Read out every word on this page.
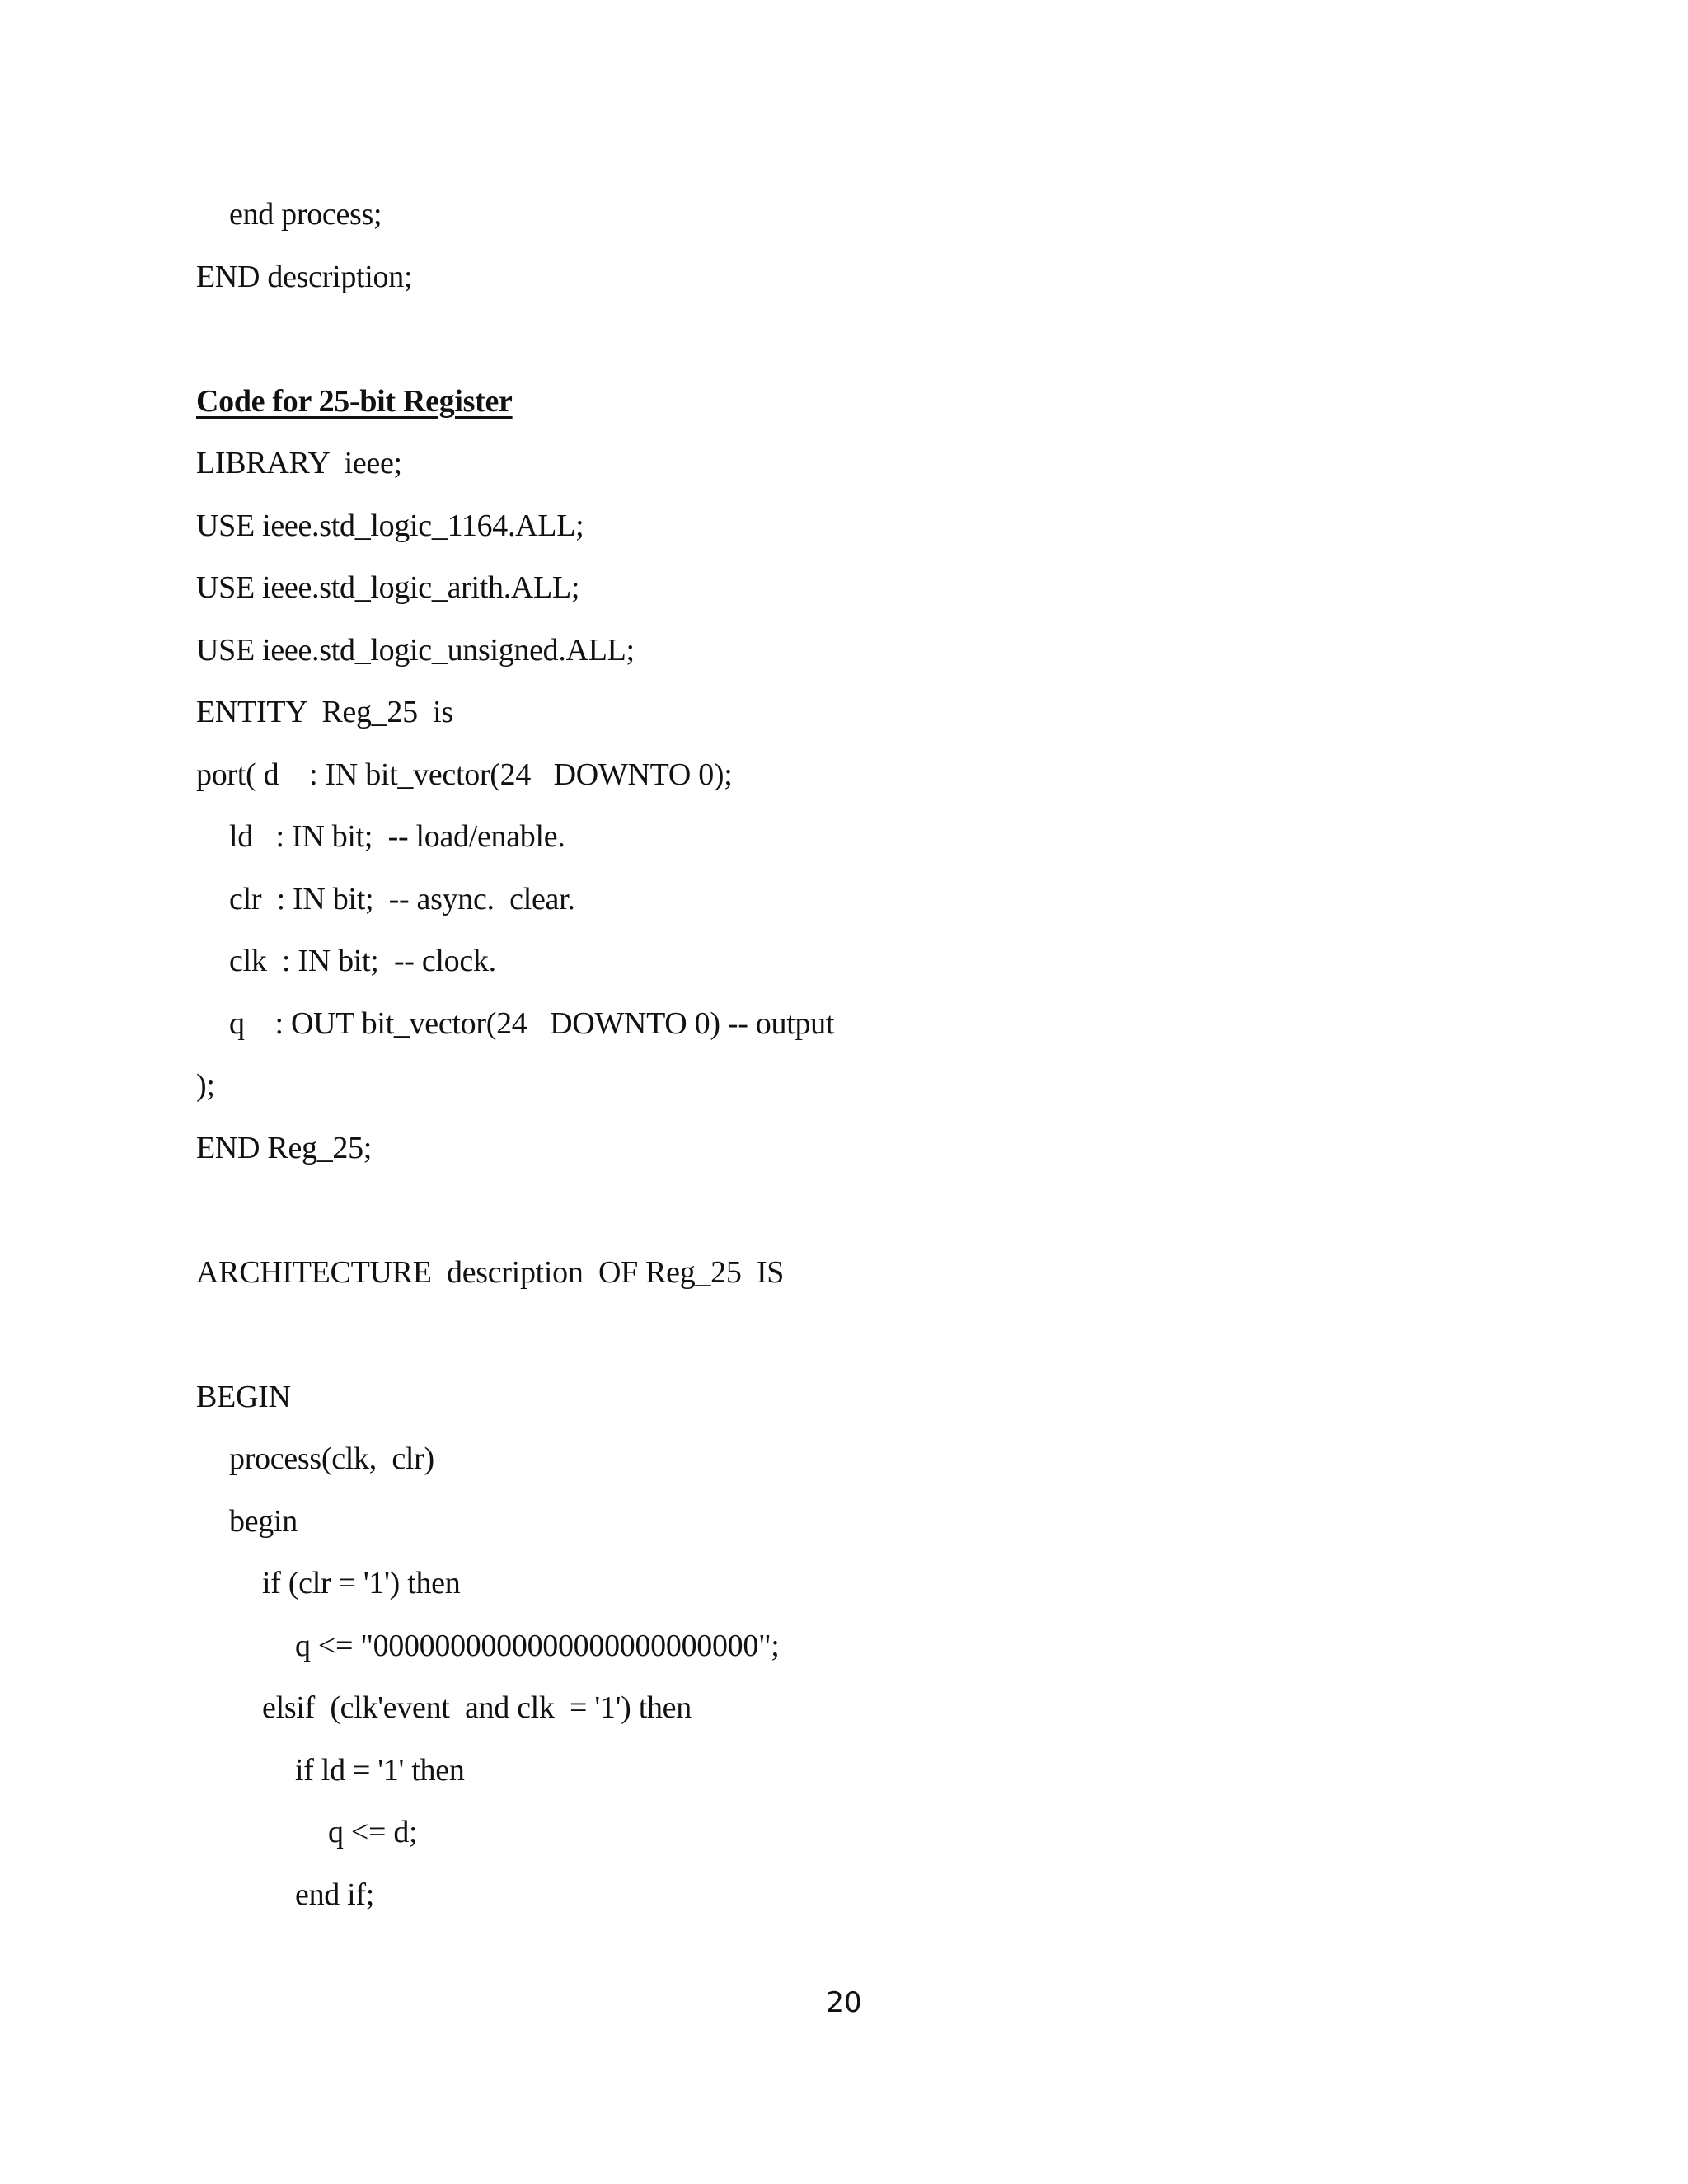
end process;
END description;
Code for 25-bit Register
LIBRARY  ieee;
USE ieee.std_logic_1164.ALL;
USE ieee.std_logic_arith.ALL;
USE ieee.std_logic_unsigned.ALL;
ENTITY  Reg_25  is
port( d    : IN bit_vector(24   DOWNTO 0);
ld   : IN bit;  -- load/enable.
clr  : IN bit;  -- async.  clear.
clk  : IN bit;  -- clock.
q    : OUT bit_vector(24   DOWNTO 0) -- output
);
END Reg_25;
ARCHITECTURE  description  OF Reg_25  IS
BEGIN
process(clk,  clr)
begin
if (clr = '1') then
q <= "0000000000000000000000000";
elsif  (clk'event  and clk  = '1') then
if ld = '1' then
q <= d;
end if;
20
